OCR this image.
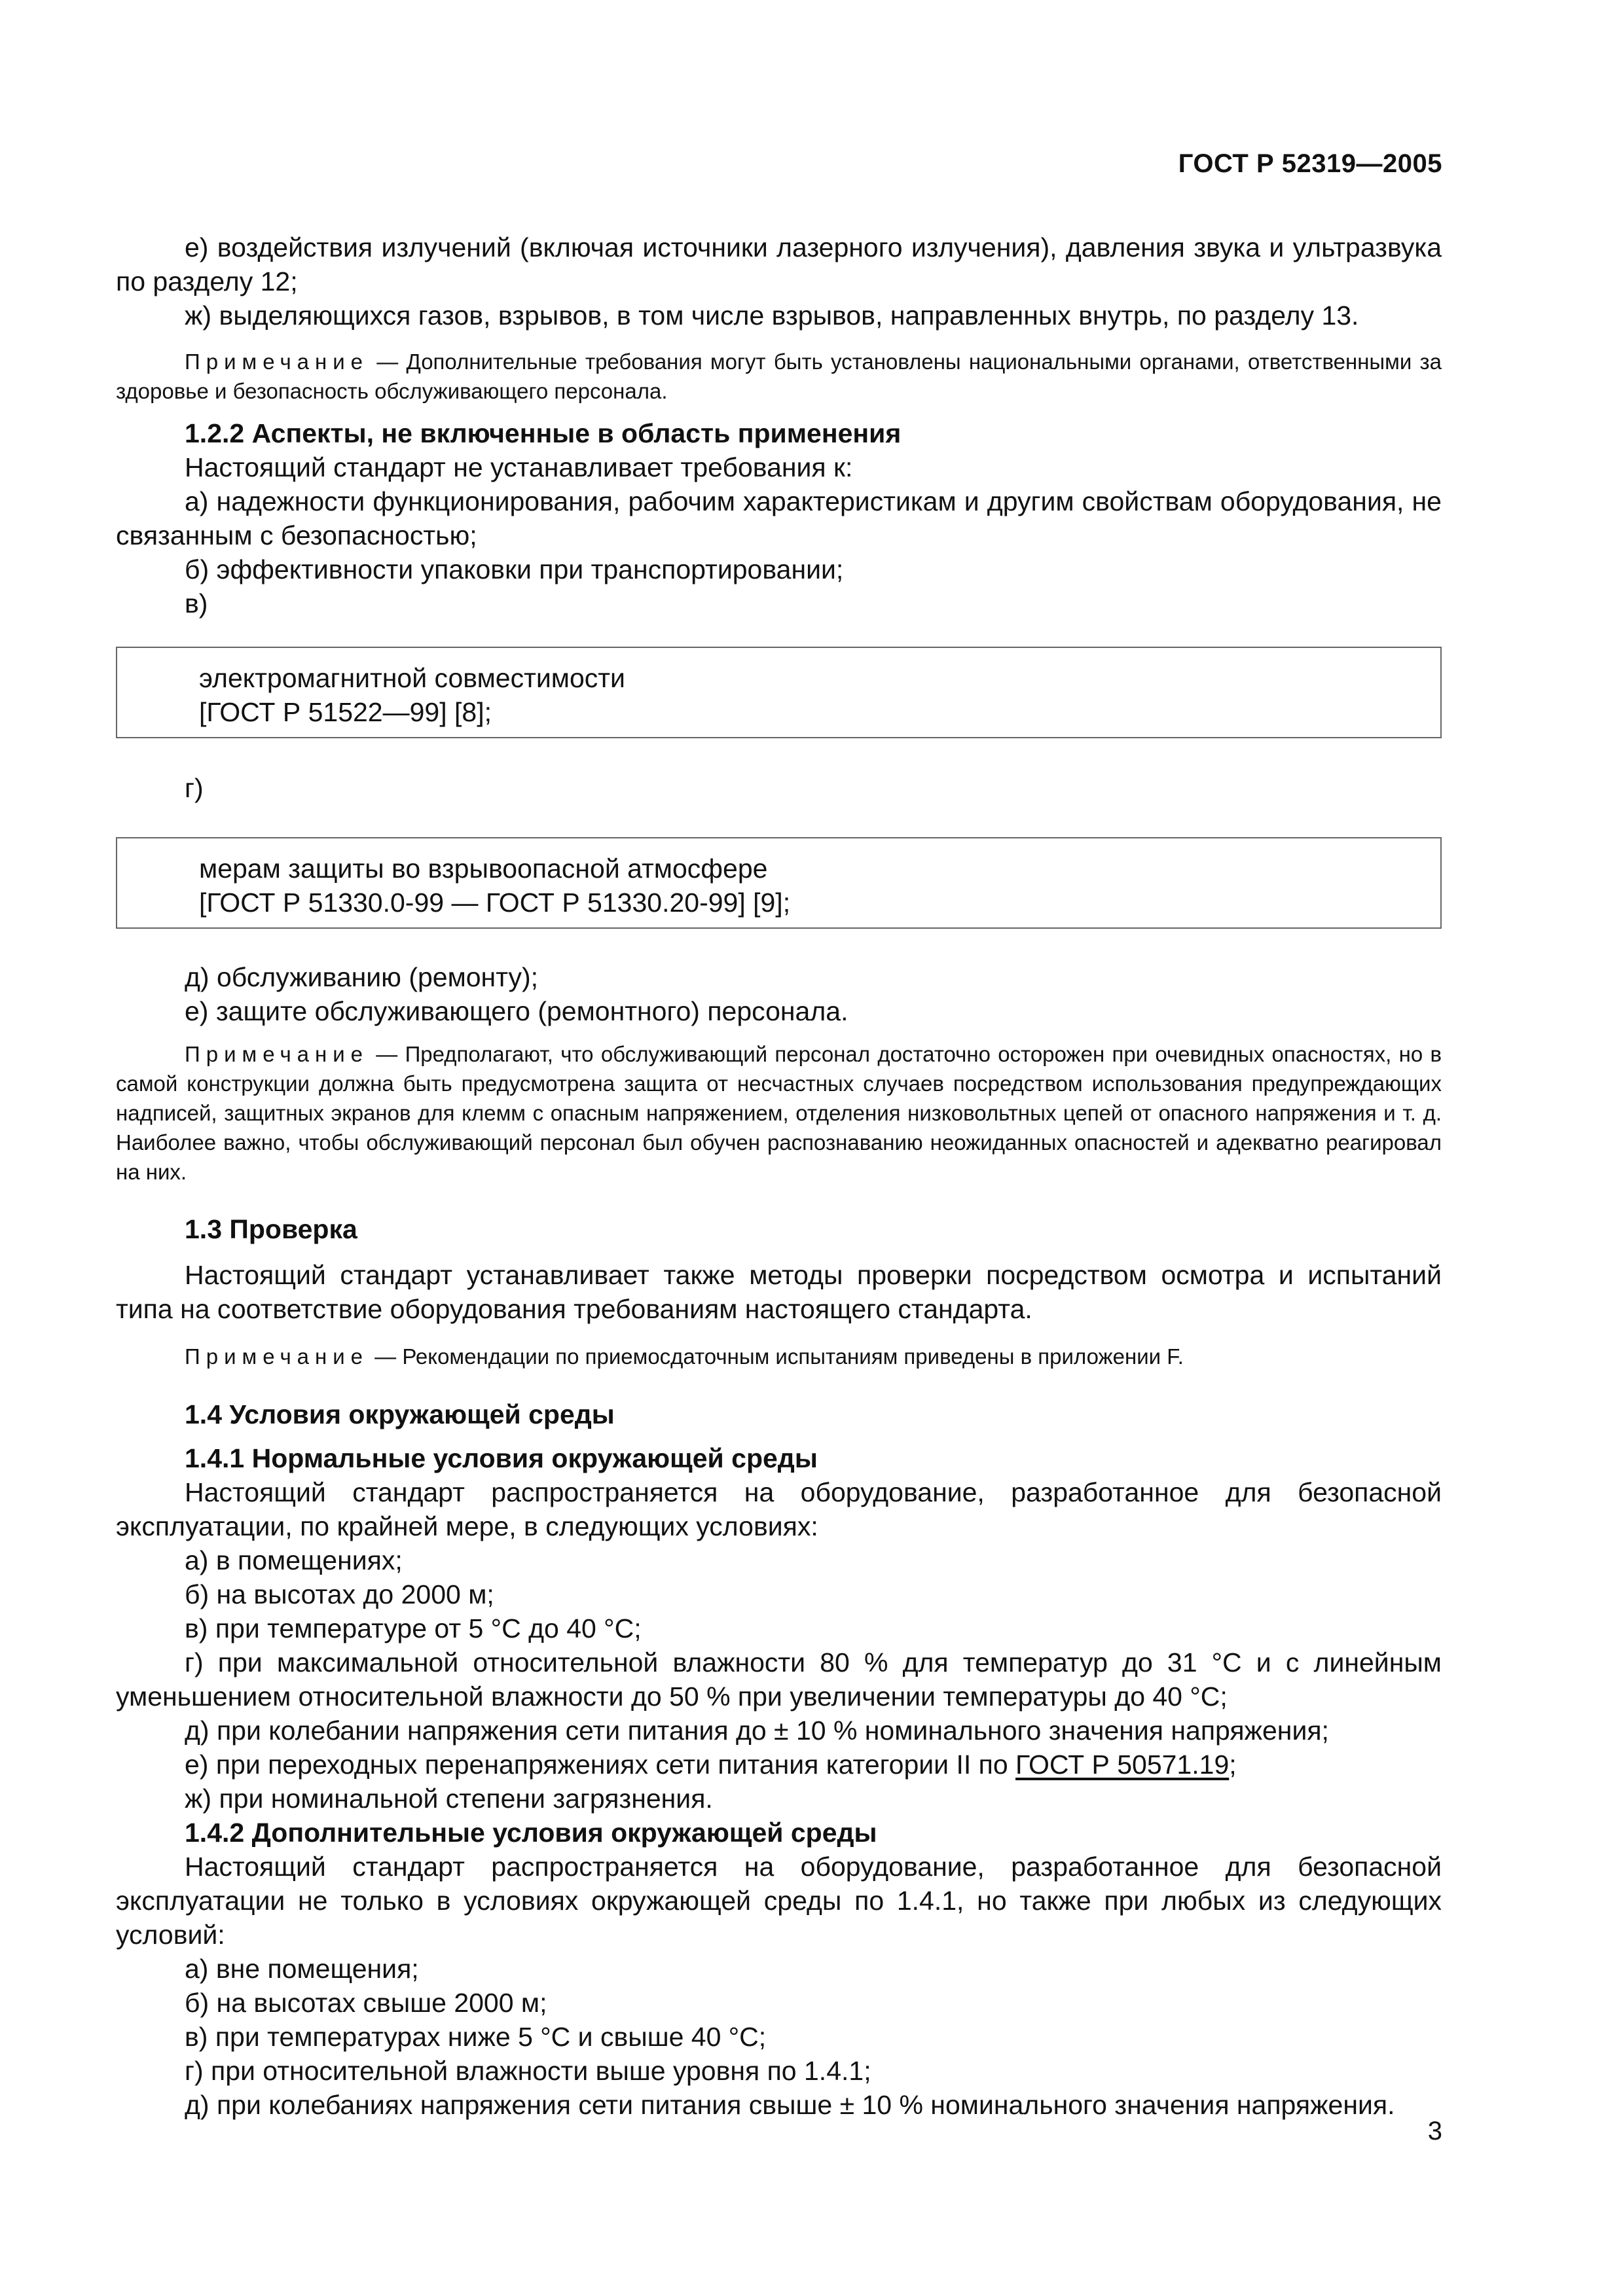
ГОСТ Р 52319—2005

е) воздействия излучений (включая источники лазерного излучения), давления звука и ультразвука по разделу 12;

ж) выделяющихся газов, взрывов, в том числе взрывов, направленных внутрь, по разделу 13.

Примечание — Дополнительные требования могут быть установлены национальными органами, ответственными за здоровье и безопасность обслуживающего персонала.

1.2.2 Аспекты, не включенные в область применения

Настоящий стандарт не устанавливает требования к:

а) надежности функционирования, рабочим характеристикам и другим свойствам оборудования, не связанным с безопасностью;

б) эффективности упаковки при транспортировании;

в)

электромагнитной совместимости
[ГОСТ Р 51522—99] [8];

г)

мерам защиты во взрывоопасной атмосфере
[ГОСТ Р 51330.0-99 — ГОСТ Р 51330.20-99] [9];

д) обслуживанию (ремонту);

е) защите обслуживающего (ремонтного) персонала.

Примечание — Предполагают, что обслуживающий персонал достаточно осторожен при очевидных опасностях, но в самой конструкции должна быть предусмотрена защита от несчастных случаев посредством использования предупреждающих надписей, защитных экранов для клемм с опасным напряжением, отделения низковольтных цепей от опасного напряжения и т. д. Наиболее важно, чтобы обслуживающий персонал был обучен распознаванию неожиданных опасностей и адекватно реагировал на них.

1.3 Проверка

Настоящий стандарт устанавливает также методы проверки посредством осмотра и испытаний типа на соответствие оборудования требованиям настоящего стандарта.

Примечание — Рекомендации по приемосдаточным испытаниям приведены в приложении F.

1.4 Условия окружающей среды

1.4.1 Нормальные условия окружающей среды

Настоящий стандарт распространяется на оборудование, разработанное для безопасной эксплуатации, по крайней мере, в следующих условиях:

а) в помещениях;

б) на высотах до 2000 м;

в) при температуре от 5 °С до 40 °С;

г) при максимальной относительной влажности 80 % для температур до 31 °С и с линейным уменьшением относительной влажности до 50 % при увеличении температуры до 40 °С;

д) при колебании напряжения сети питания до ± 10 % номинального значения напряжения;

е) при переходных перенапряжениях сети питания категории II по ГОСТ Р 50571.19;

ж) при номинальной степени загрязнения.

1.4.2 Дополнительные условия окружающей среды

Настоящий стандарт распространяется на оборудование, разработанное для безопасной эксплуатации не только в условиях окружающей среды по 1.4.1, но также при любых из следующих условий:

а) вне помещения;

б) на высотах свыше 2000 м;

в) при температурах ниже 5 °С и свыше 40 °С;

г) при относительной влажности выше уровня по 1.4.1;

д) при колебаниях напряжения сети питания свыше ± 10 % номинального значения напряжения.

3
